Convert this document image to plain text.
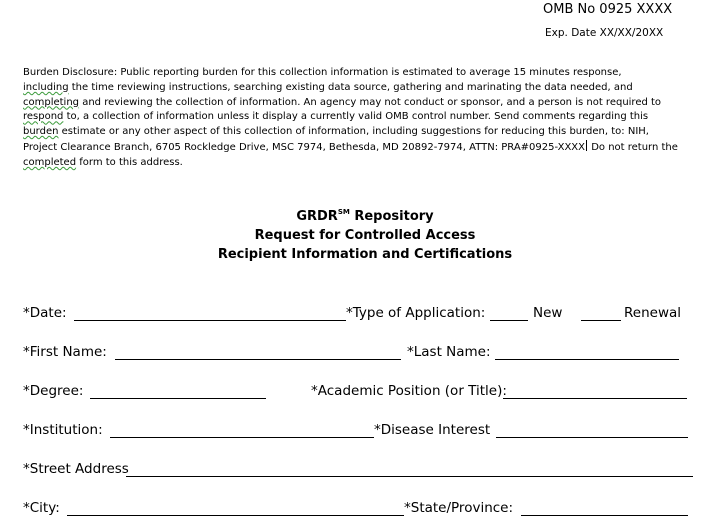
OMB No 0925 XXXX
Exp. Date XX/XX/20XX
Burden Disclosure: Public reporting burden for this collection information is estimated to average 15 minutes response,
including the time reviewing instructions, searching existing data source, gathering and marinating the data needed, and
completing and reviewing the collection of information. An agency may not conduct or sponsor, and a person is not required to
respond to, a collection of information unless it display a currently valid OMB control number. Send comments regarding this
burden estimate or any other aspect of this collection of information, including suggestions for reducing this burden, to: NIH,
Project Clearance Branch, 6705 Rockledge Drive, MSC 7974, Bethesda, MD 20892-7974, ATTN: PRA#0925-XXXX Do not return the
completed form to this address.
GRDR℠ Repository
Request for Controlled Access
Recipient Information and Certifications
*Date:	*Type of Application:	New	Renewal
*First Name:	*Last Name:
*Degree:	*Academic Position (or Title):
*Institution:	*Disease Interest
*Street Address
*City:	*State/Province:
